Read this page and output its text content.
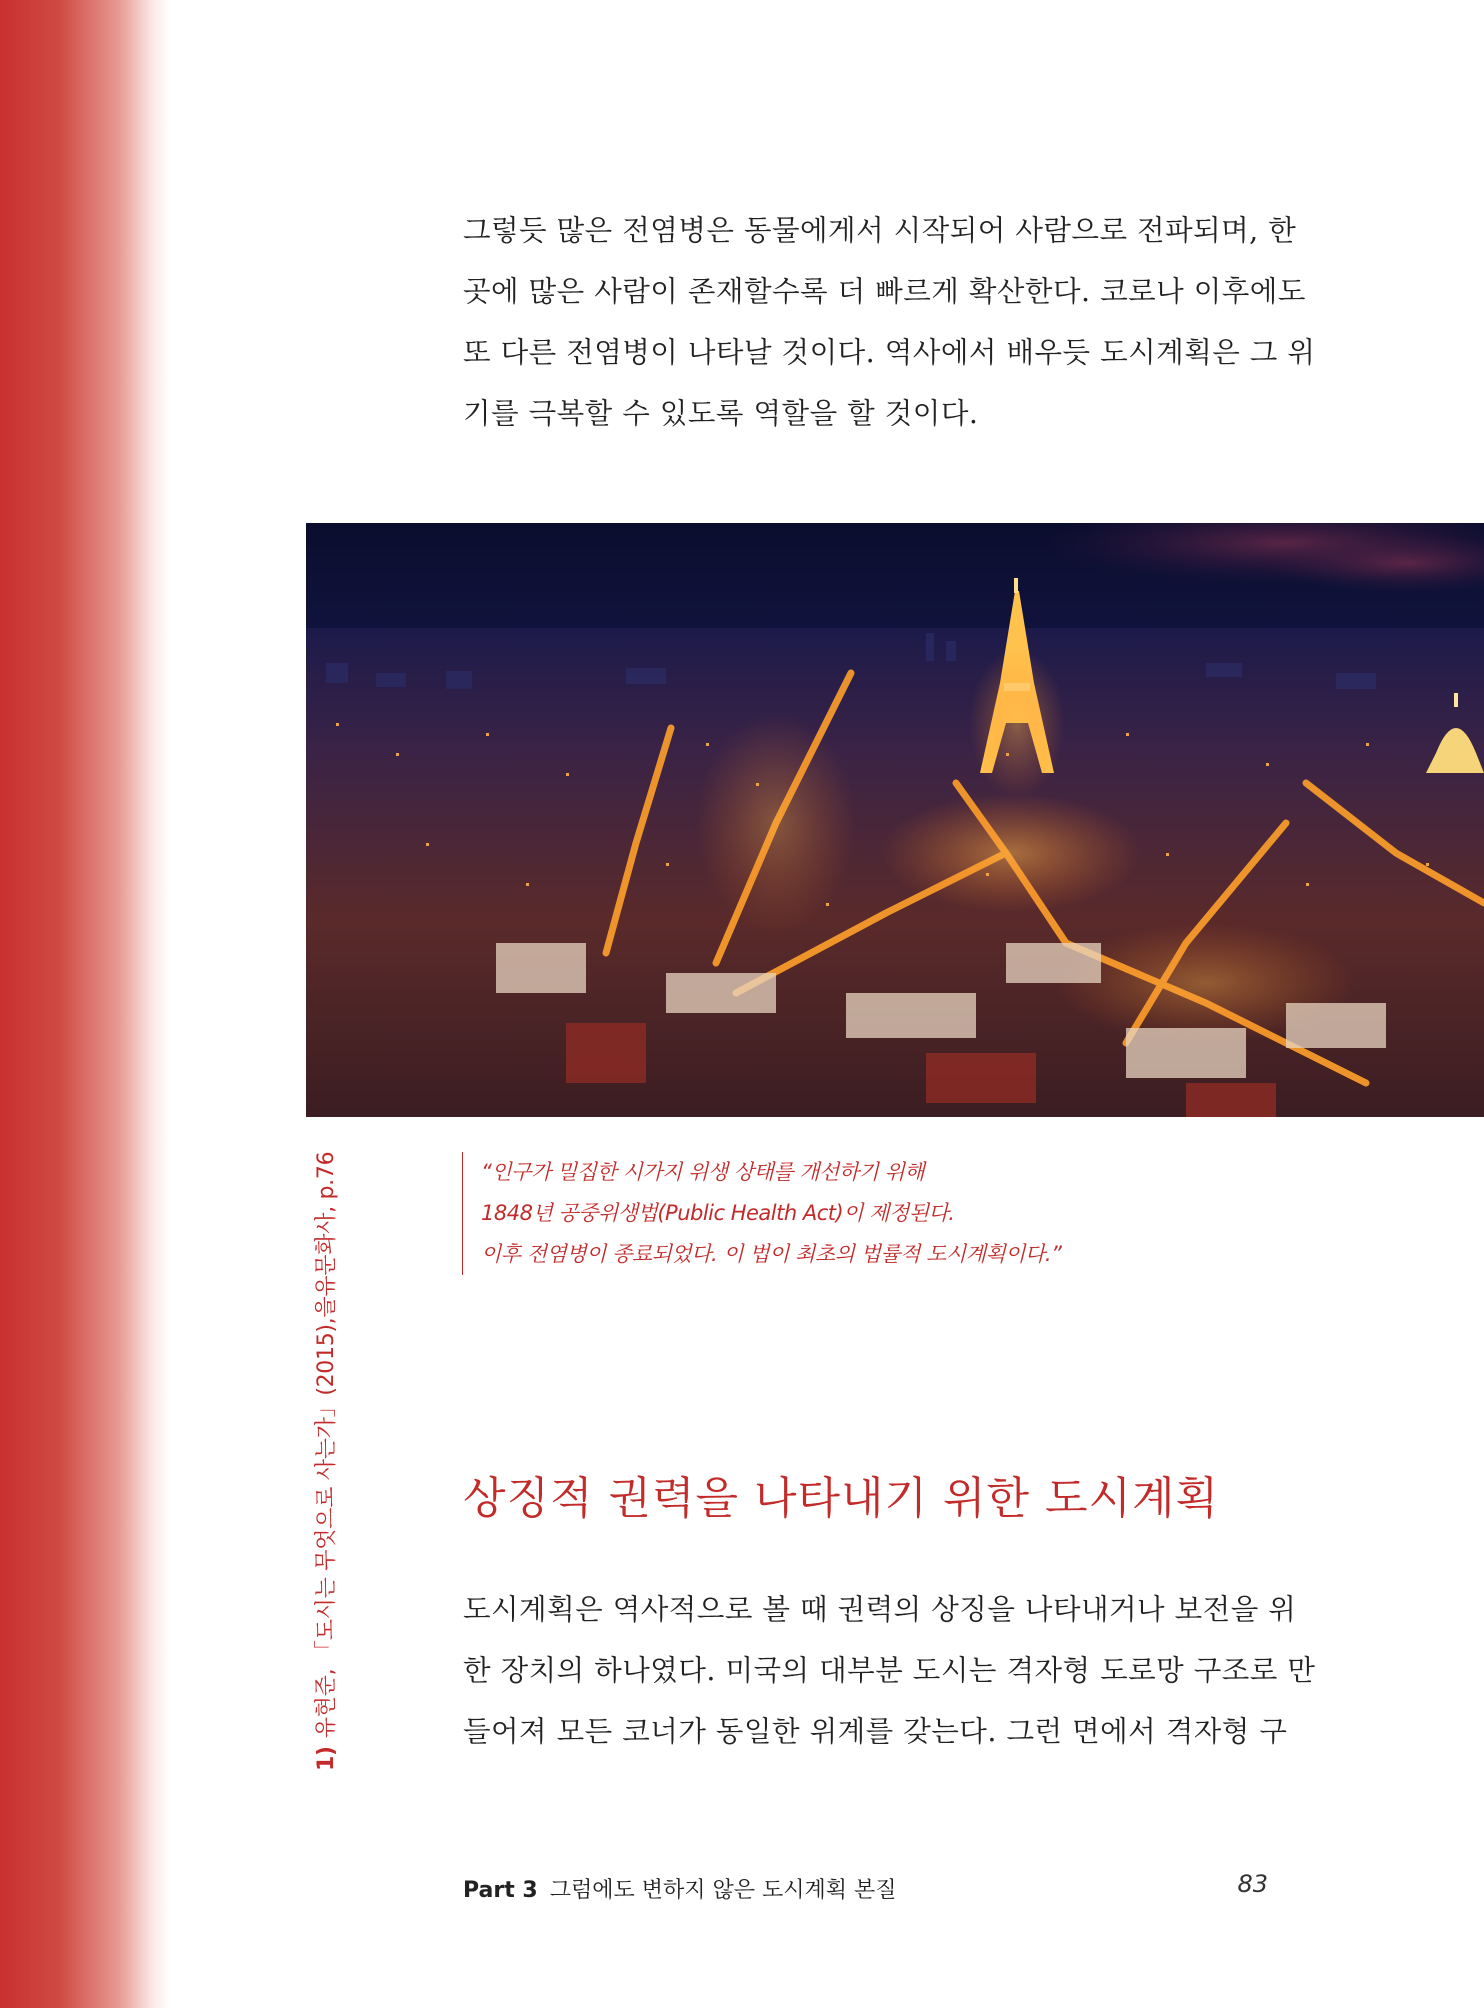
그렇듯 많은 전염병은 동물에게서 시작되어 사람으로 전파되며, 한
곳에 많은 사람이 존재할수록 더 빠르게 확산한다. 코로나 이후에도
또 다른 전염병이 나타날 것이다. 역사에서 배우듯 도시계획은 그 위
기를 극복할 수 있도록 역할을 할 것이다.

“인구가 밀집한 시가지 위생 상태를 개선하기 위해
1848년 공중위생법(Public Health Act)이 제정된다.
이후 전염병이 종료되었다. 이 법이 최초의 법률적 도시계획이다.”
상징적 권력을 나타내기 위한 도시계획

도시계획은 역사적으로 볼 때 권력의 상징을 나타내거나 보전을 위
한 장치의 하나였다. 미국의 대부분 도시는 격자형 도로망 구조로 만
들어져 모든 코너가 동일한 위계를 갖는다. 그런 면에서 격자형 구

1)유현준, 「도시는 무엇으로 사는가」(2015),을유문화사, p.76
Part 3 그럼에도 변하지 않은 도시계획 본질	83
